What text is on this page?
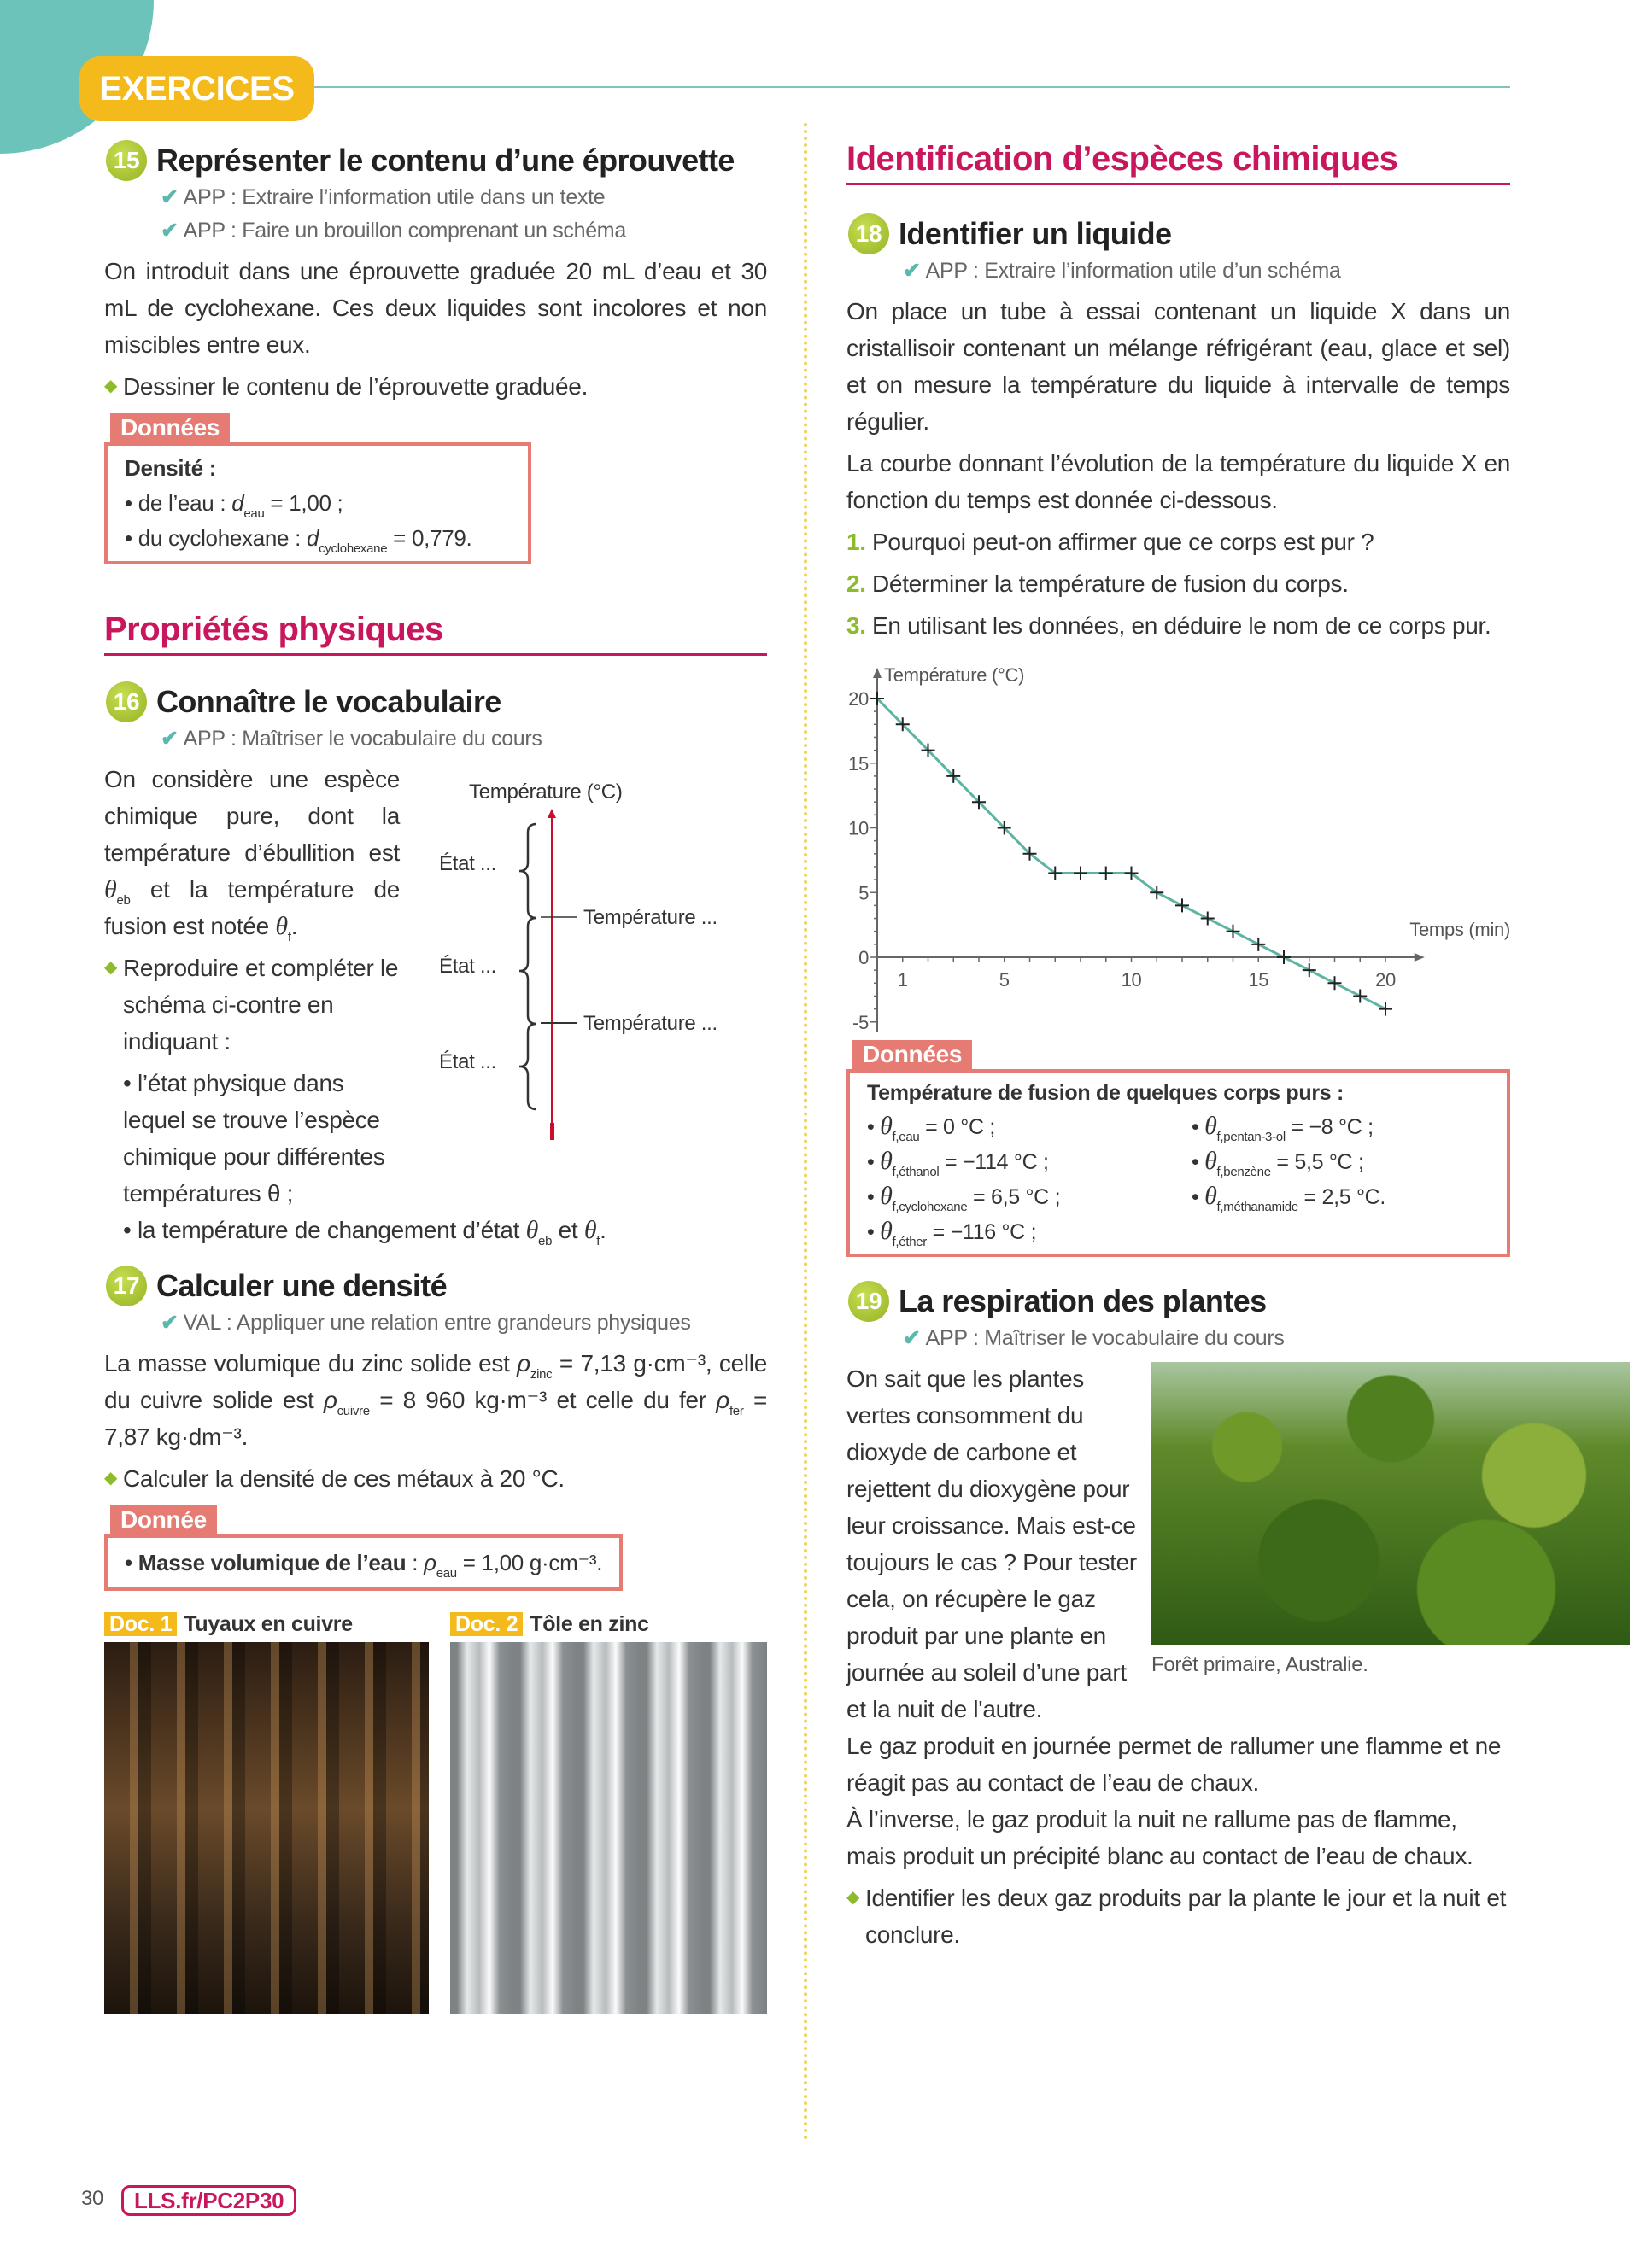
EXERCICES
15 Représenter le contenu d’une éprouvette
✔ APP : Extraire l’information utile dans un texte
✔ APP : Faire un brouillon comprenant un schéma
On introduit dans une éprouvette graduée 20 mL d’eau et 30 mL de cyclohexane. Ces deux liquides sont incolores et non miscibles entre eux.
◆ Dessiner le contenu de l’éprouvette graduée.
Données
Densité :
• de l’eau : $d_{eau} = 1,00$ ;
• du cyclohexane : $d_{cyclohexane} = 0,779$.
Propriétés physiques
16 Connaître le vocabulaire
✔ APP : Maîtriser le vocabulaire du cours
Température (°C)
État ...
État ...
État ...
Température ...
Température ...
On considère une espèce chimique pure, dont la température d’ébullition est $\theta_{eb}$ et la température de fusion est notée $\theta_f$.
◆ Reproduire et compléter le schéma ci-contre en indiquant :
• l’état physique dans lequel se trouve l’espèce chimique pour différentes températures θ ;
• la température de changement d’état $\theta_{eb}$ et $\theta_f$.
17 Calculer une densité
✔ VAL : Appliquer une relation entre grandeurs physiques
La masse volumique du zinc solide est $\rho_{zinc} = 7,13$ g·cm⁻³, celle du cuivre solide est $\rho_{cuivre} = 8$ 960 kg·m⁻³ et celle du fer $\rho_{fer} = 7,87$ kg·dm⁻³.
◆ Calculer la densité de ces métaux à 20 °C.
Donnée
• Masse volumique de l’eau : $\rho_{eau} = 1,00$ g·cm⁻³.
Doc. 1 Tuyaux en cuivre	Doc. 2 Tôle en zinc
Identification d’espèces chimiques
18 Identifier un liquide
✔ APP : Extraire l’information utile d’un schéma
On place un tube à essai contenant un liquide X dans un cristallisoir contenant un mélange réfrigérant (eau, glace et sel) et on mesure la température du liquide à intervalle de temps régulier.
La courbe donnant l’évolution de la température du liquide X en fonction du temps est donnée ci-dessous.
1. Pourquoi peut-on affirmer que ce corps est pur ?
2. Déterminer la température de fusion du corps.
3. En utilisant les données, en déduire le nom de ce corps pur.
-5
0
5
10
15
20
1	5	10	15	20
Température (°C)
Temps (min)
Données
Température de fusion de quelques corps purs :
• $\theta_{f,eau} = 0$ °C ;
• $\theta_{f,éthanol} = -114$ °C ;
• $\theta_{f,cyclohexane} = 6,5$ °C ;
• $\theta_{f,éther} = -116$ °C ;
• $\theta_{f,pentan-3-ol} = -8$ °C ;
• $\theta_{f,benzène} = 5,5$ °C ;
• $\theta_{f,méthanamide} = 2,5$ °C.
19 La respiration des plantes
✔ APP : Maîtriser le vocabulaire du cours
Forêt primaire, Australie.
On sait que les plantes vertes consomment du dioxyde de carbone et rejettent du dioxygène pour leur croissance. Mais est-ce toujours le cas ? Pour tester cela, on récupère le gaz produit par une plante en journée au soleil d’une part et la nuit de l'autre.

Le gaz produit en journée permet de rallumer une flamme et ne réagit pas au contact de l’eau de chaux.

À l’inverse, le gaz produit la nuit ne rallume pas de flamme, mais produit un précipité blanc au contact de l’eau de chaux.

◆ Identifier les deux gaz produits par la plante le jour et la nuit et conclure.
30	LLS.fr/PC2P30
